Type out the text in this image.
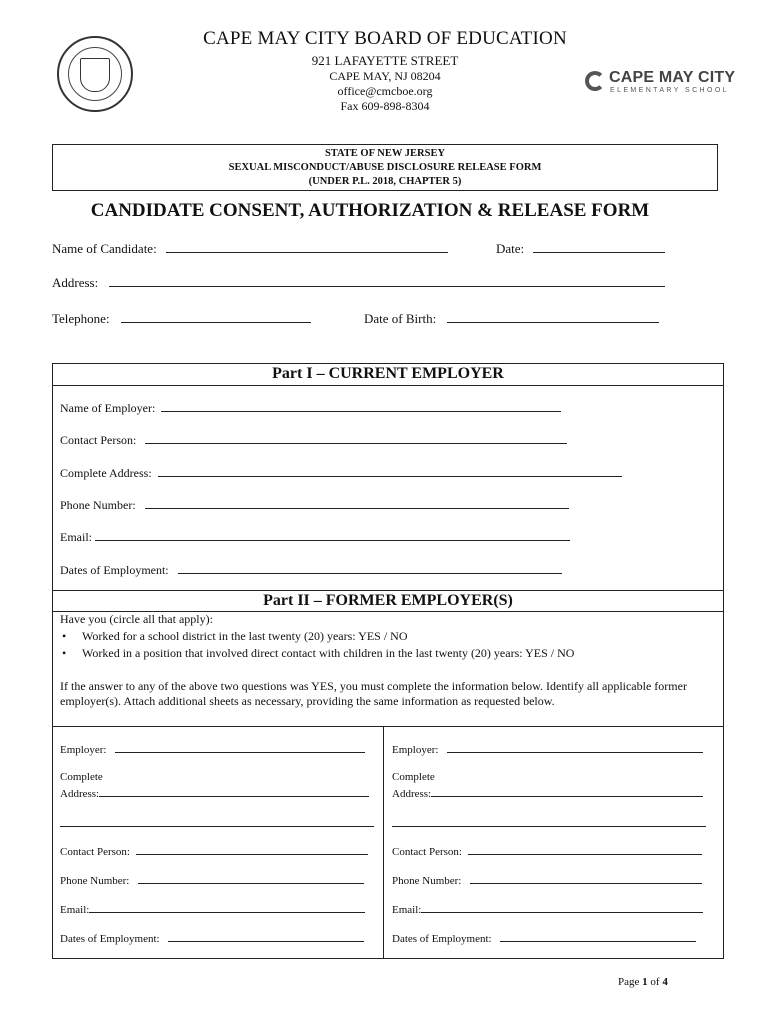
CAPE MAY CITY BOARD OF EDUCATION
921 LAFAYETTE STREET
CAPE MAY, NJ 08204
office@cmcboe.org
Fax 609-898-8304
CAPE MAY CITY
ELEMENTARY SCHOOL
STATE OF NEW JERSEY
SEXUAL MISCONDUCT/ABUSE DISCLOSURE RELEASE FORM
(UNDER P.L. 2018, CHAPTER 5)
CANDIDATE CONSENT, AUTHORIZATION & RELEASE FORM
Name of Candidate:	Date:
Address:
Telephone:	Date of Birth:
Part I – CURRENT EMPLOYER
Name of Employer:
Contact Person:
Complete Address:
Phone Number:
Email:
Dates of Employment:
Part II – FORMER EMPLOYER(S)
Have you (circle all that apply):
• Worked for a school district in the last twenty (20) years: YES / NO
• Worked in a position that involved direct contact with children in the last twenty (20) years: YES / NO
If the answer to any of the above two questions was YES, you must complete the information below. Identify all applicable former employer(s). Attach additional sheets as necessary, providing the same information as requested below.
Employer:
Complete
Address:
Contact Person:
Phone Number:
Email:
Dates of Employment:
Employer:
Complete
Address:
Contact Person:
Phone Number:
Email:
Dates of Employment:
Page 1 of 4
